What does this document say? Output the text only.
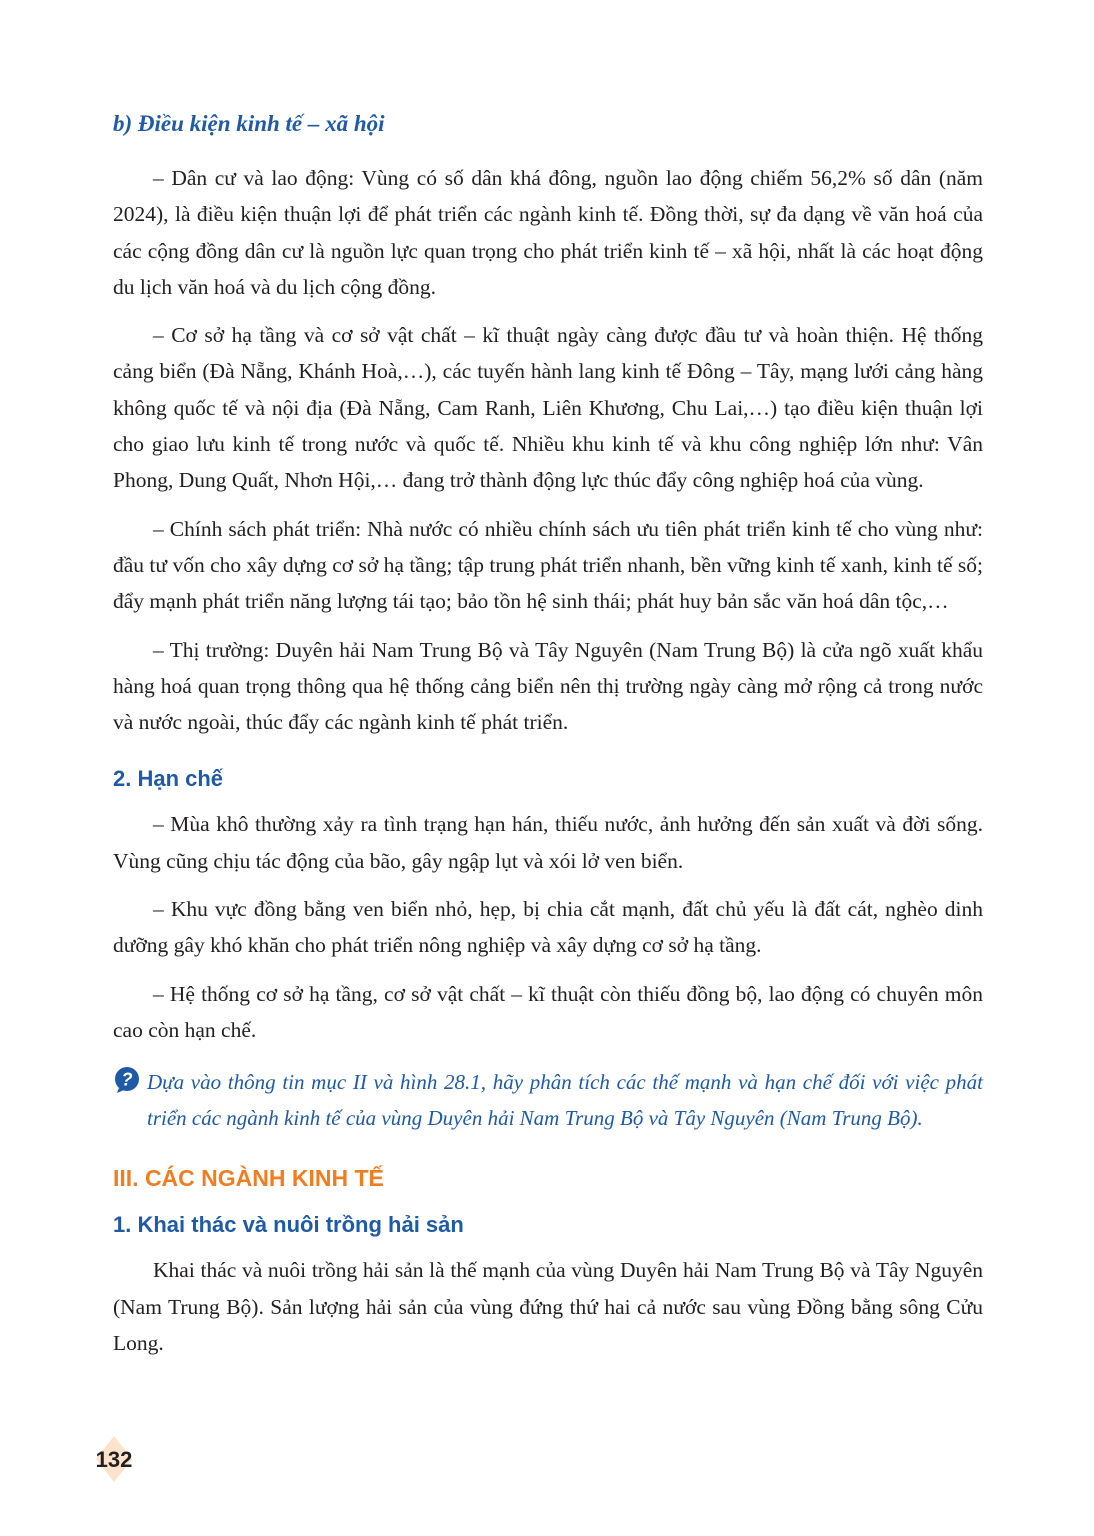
b) Điều kiện kinh tế – xã hội

– Dân cư và lao động: Vùng có số dân khá đông, nguồn lao động chiếm 56,2% số dân (năm 2024), là điều kiện thuận lợi để phát triển các ngành kinh tế. Đồng thời, sự đa dạng về văn hoá của các cộng đồng dân cư là nguồn lực quan trọng cho phát triển kinh tế – xã hội, nhất là các hoạt động du lịch văn hoá và du lịch cộng đồng.

– Cơ sở hạ tầng và cơ sở vật chất – kĩ thuật ngày càng được đầu tư và hoàn thiện. Hệ thống cảng biển (Đà Nẵng, Khánh Hoà,…), các tuyến hành lang kinh tế Đông – Tây, mạng lưới cảng hàng không quốc tế và nội địa (Đà Nẵng, Cam Ranh, Liên Khương, Chu Lai,…) tạo điều kiện thuận lợi cho giao lưu kinh tế trong nước và quốc tế. Nhiều khu kinh tế và khu công nghiệp lớn như: Vân Phong, Dung Quất, Nhơn Hội,… đang trở thành động lực thúc đẩy công nghiệp hoá của vùng.

– Chính sách phát triển: Nhà nước có nhiều chính sách ưu tiên phát triển kinh tế cho vùng như: đầu tư vốn cho xây dựng cơ sở hạ tầng; tập trung phát triển nhanh, bền vững kinh tế xanh, kinh tế số; đẩy mạnh phát triển năng lượng tái tạo; bảo tồn hệ sinh thái; phát huy bản sắc văn hoá dân tộc,…

– Thị trường: Duyên hải Nam Trung Bộ và Tây Nguyên (Nam Trung Bộ) là cửa ngõ xuất khẩu hàng hoá quan trọng thông qua hệ thống cảng biển nên thị trường ngày càng mở rộng cả trong nước và nước ngoài, thúc đẩy các ngành kinh tế phát triển.

2. Hạn chế

– Mùa khô thường xảy ra tình trạng hạn hán, thiếu nước, ảnh hưởng đến sản xuất và đời sống. Vùng cũng chịu tác động của bão, gây ngập lụt và xói lở ven biển.

– Khu vực đồng bằng ven biển nhỏ, hẹp, bị chia cắt mạnh, đất chủ yếu là đất cát, nghèo dinh dưỡng gây khó khăn cho phát triển nông nghiệp và xây dựng cơ sở hạ tầng.

– Hệ thống cơ sở hạ tầng, cơ sở vật chất – kĩ thuật còn thiếu đồng bộ, lao động có chuyên môn cao còn hạn chế.

? Dựa vào thông tin mục II và hình 28.1, hãy phân tích các thế mạnh và hạn chế đối với việc phát triển các ngành kinh tế của vùng Duyên hải Nam Trung Bộ và Tây Nguyên (Nam Trung Bộ).
III. CÁC NGÀNH KINH TẾ
1. Khai thác và nuôi trồng hải sản

Khai thác và nuôi trồng hải sản là thế mạnh của vùng Duyên hải Nam Trung Bộ và Tây Nguyên (Nam Trung Bộ). Sản lượng hải sản của vùng đứng thứ hai cả nước sau vùng Đồng bằng sông Cửu Long.

132
